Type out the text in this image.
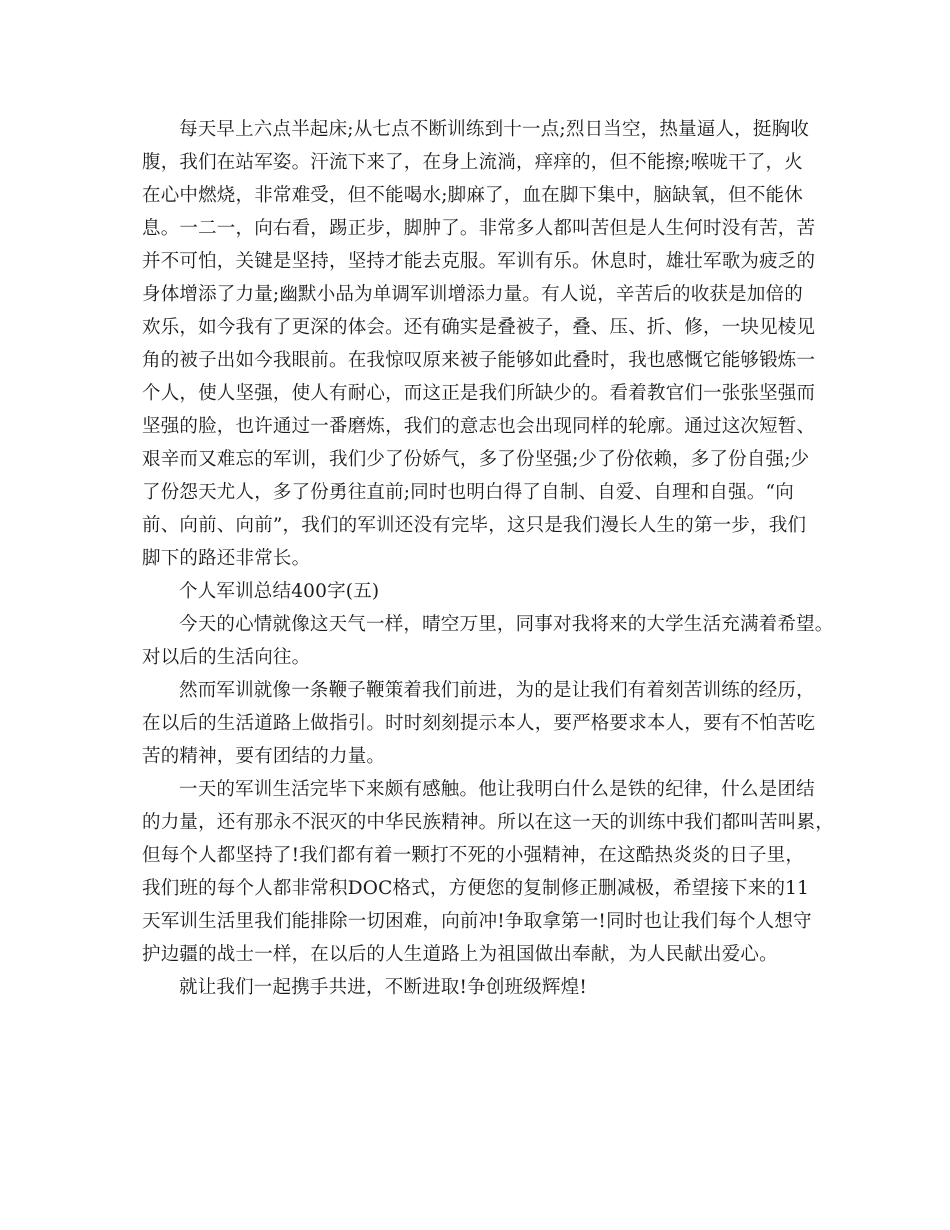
每天早上六点半起床;从七点不断训练到十一点;烈日当空，热量逼人，挺胸收
腹，我们在站军姿。汗流下来了，在身上流淌，痒痒的，但不能擦;喉咙干了，火
在心中燃烧，非常难受，但不能喝水;脚麻了，血在脚下集中，脑缺氧，但不能休
息。一二一，向右看，踢正步，脚肿了。非常多人都叫苦但是人生何时没有苦，苦
并不可怕，关键是坚持，坚持才能去克服。军训有乐。休息时，雄壮军歌为疲乏的
身体增添了力量;幽默小品为单调军训增添力量。有人说，辛苦后的收获是加倍的
欢乐，如今我有了更深的体会。还有确实是叠被子，叠、压、折、修，一块见棱见
角的被子出如今我眼前。在我惊叹原来被子能够如此叠时，我也感慨它能够锻炼一
个人，使人坚强，使人有耐心，而这正是我们所缺少的。看着教官们一张张坚强而
坚强的脸，也许通过一番磨炼，我们的意志也会出现同样的轮廓。通过这次短暂、
艰辛而又难忘的军训，我们少了份娇气，多了份坚强;少了份依赖，多了份自强;少
了份怨天尤人，多了份勇往直前;同时也明白得了自制、自爱、自理和自强。“向
前、向前、向前”，我们的军训还没有完毕，这只是我们漫长人生的第一步，我们
脚下的路还非常长。
个人军训总结400字(五)
今天的心情就像这天气一样，晴空万里，同事对我将来的大学生活充满着希望。
对以后的生活向往。
然而军训就像一条鞭子鞭策着我们前进，为的是让我们有着刻苦训练的经历，
在以后的生活道路上做指引。时时刻刻提示本人，要严格要求本人，要有不怕苦吃
苦的精神，要有团结的力量。
一天的军训生活完毕下来颇有感触。他让我明白什么是铁的纪律，什么是团结
的力量，还有那永不泯灭的中华民族精神。所以在这一天的训练中我们都叫苦叫累，
但每个人都坚持了!我们都有着一颗打不死的小强精神，在这酷热炎炎的日子里，
我们班的每个人都非常积DOC格式，方便您的复制修正删减极，希望接下来的11
天军训生活里我们能排除一切困难，向前冲!争取拿第一!同时也让我们每个人想守
护边疆的战士一样，在以后的人生道路上为祖国做出奉献，为人民献出爱心。
就让我们一起携手共进，不断进取!争创班级辉煌!
